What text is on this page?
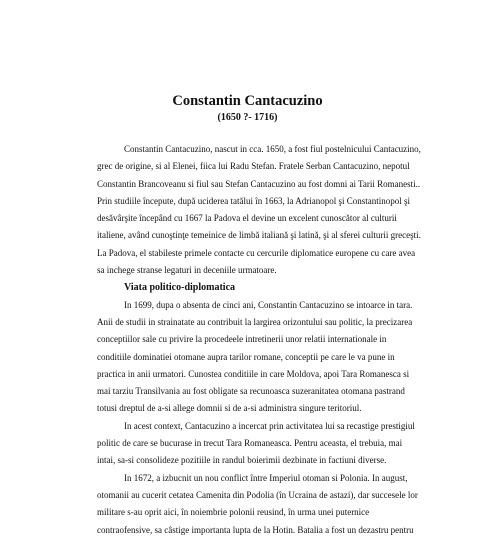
Constantin Cantacuzino
(1650 ?- 1716)
Constantin Cantacuzino, nascut in cca. 1650, a fost fiul postelnicului Cantacuzino,
grec de origine, si al Elenei, fiica lui Radu Stefan. Fratele Serban Cantacuzino, nepotul
Constantin Brancoveanu si fiul sau Stefan Cantacuzino au fost domni ai Tarii Romanesti..
Prin studiile începute, după uciderea tatălui în 1663, la Adrianopol şi Constantinopol şi
desăvârşite începând cu 1667 la Padova el devine un excelent cunoscător al culturii
italiene, având cunoştinţe temeinice de limbă italiană şi latină, şi al sferei culturii greceşti.
La Padova, el stabileste primele contacte cu cercurile diplomatice europene cu care avea
sa inchege stranse legaturi in deceniile urmatoare.
Viata politico-diplomatica
In 1699, dupa o absenta de cinci ani, Constantin Cantacuzino se intoarce in tara.
Anii de studii in strainatate au contribuit la largirea orizontului sau politic, la precizarea
conceptiilor sale cu privire la procedeele intretinerii unor relatii internationale in
conditiile dominatiei otomane aupra tarilor romane, conceptii pe care le va pune in
practica in anii urmatori. Cunostea conditiile in care Moldova, apoi Tara Romanesca si
mai tarziu Transilvania au fost obligate sa recunoasca suzeranitatea otomana pastrand
totusi dreptul de a-si allege domnii si de a-si administra singure teritoriul.
In acest context, Cantacuzino a incercat prin activitatea lui sa recastige prestigiul
politic de care se bucurase in trecut Tara Romaneasca. Pentru aceasta, el trebuia, mai
intai, sa-si consolideze pozitiile in randul boierimii dezbinate in factiuni diverse.
In 1672, a izbucnit un nou conflict între Imperiul otoman si Polonia. In august,
otomanii au cucerit cetatea Camenita din Podolia (în Ucraina de astazi), dar succesele lor
militare s-au oprit aici, în noiembrie polonii reusind, în urma unei puternice
contraofensive, sa câstige importanta lupta de la Hotin. Batalia a fost un dezastru pentru
